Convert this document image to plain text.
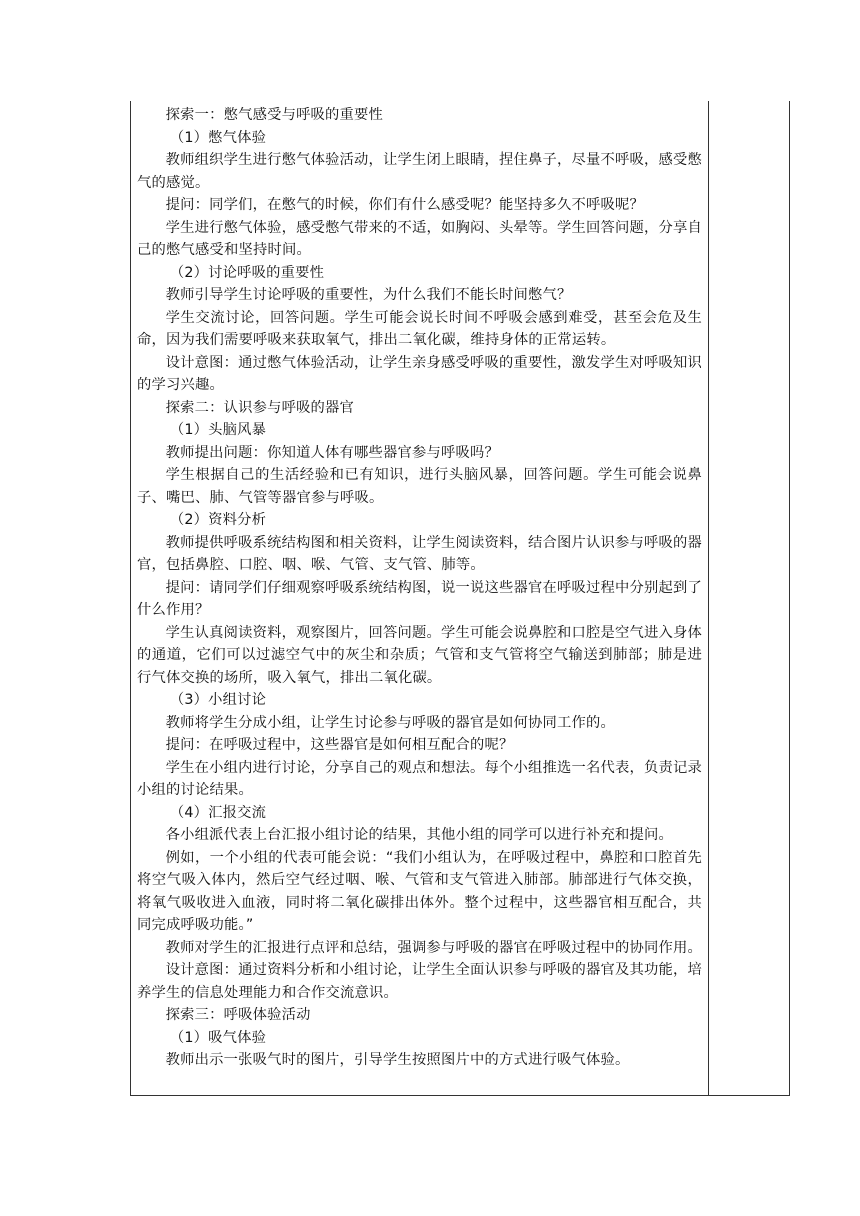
探索一：憋气感受与呼吸的重要性

（1）憋气体验

教师组织学生进行憋气体验活动，让学生闭上眼睛，捏住鼻子，尽量不呼吸，感受憋气的感觉。

提问：同学们，在憋气的时候，你们有什么感受呢？能坚持多久不呼吸呢？

学生进行憋气体验，感受憋气带来的不适，如胸闷、头晕等。学生回答问题，分享自己的憋气感受和坚持时间。

（2）讨论呼吸的重要性

教师引导学生讨论呼吸的重要性，为什么我们不能长时间憋气？

学生交流讨论，回答问题。学生可能会说长时间不呼吸会感到难受，甚至会危及生命，因为我们需要呼吸来获取氧气，排出二氧化碳，维持身体的正常运转。

设计意图：通过憋气体验活动，让学生亲身感受呼吸的重要性，激发学生对呼吸知识的学习兴趣。

探索二：认识参与呼吸的器官

（1）头脑风暴

教师提出问题：你知道人体有哪些器官参与呼吸吗？

学生根据自己的生活经验和已有知识，进行头脑风暴，回答问题。学生可能会说鼻子、嘴巴、肺、气管等器官参与呼吸。

（2）资料分析

教师提供呼吸系统结构图和相关资料，让学生阅读资料，结合图片认识参与呼吸的器官，包括鼻腔、口腔、咽、喉、气管、支气管、肺等。

提问：请同学们仔细观察呼吸系统结构图，说一说这些器官在呼吸过程中分别起到了什么作用？

学生认真阅读资料，观察图片，回答问题。学生可能会说鼻腔和口腔是空气进入身体的通道，它们可以过滤空气中的灰尘和杂质；气管和支气管将空气输送到肺部；肺是进行气体交换的场所，吸入氧气，排出二氧化碳。

（3）小组讨论

教师将学生分成小组，让学生讨论参与呼吸的器官是如何协同工作的。

提问：在呼吸过程中，这些器官是如何相互配合的呢？

学生在小组内进行讨论，分享自己的观点和想法。每个小组推选一名代表，负责记录小组的讨论结果。

（4）汇报交流

各小组派代表上台汇报小组讨论的结果，其他小组的同学可以进行补充和提问。

例如，一个小组的代表可能会说：“我们小组认为，在呼吸过程中，鼻腔和口腔首先将空气吸入体内，然后空气经过咽、喉、气管和支气管进入肺部。肺部进行气体交换，将氧气吸收进入血液，同时将二氧化碳排出体外。整个过程中，这些器官相互配合，共同完成呼吸功能。”

教师对学生的汇报进行点评和总结，强调参与呼吸的器官在呼吸过程中的协同作用。

设计意图：通过资料分析和小组讨论，让学生全面认识参与呼吸的器官及其功能，培养学生的信息处理能力和合作交流意识。

探索三：呼吸体验活动

（1）吸气体验

教师出示一张吸气时的图片，引导学生按照图片中的方式进行吸气体验。
